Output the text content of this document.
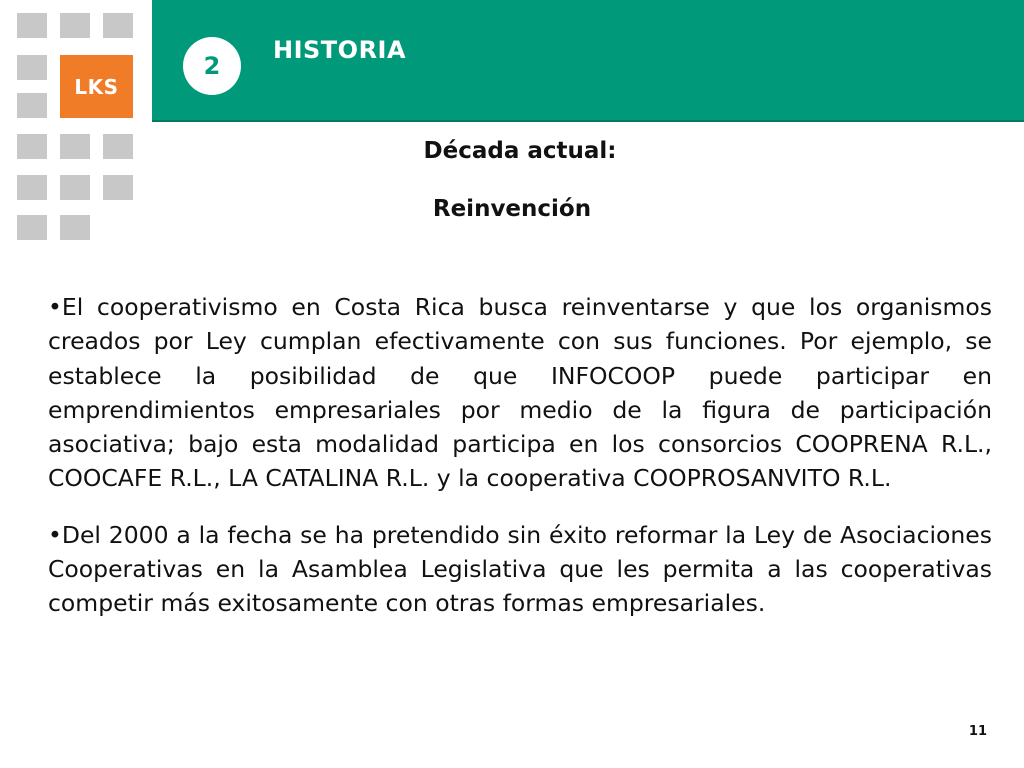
LKS
2
HISTORIA
Década actual:
Reinvención

•El cooperativismo en Costa Rica busca reinventarse y que los organismos creados por Ley cumplan efectivamente con sus funciones. Por ejemplo, se establece la posibilidad de que INFOCOOP puede participar en emprendimientos empresariales por medio de la figura de participación asociativa; bajo esta modalidad participa en los consorcios COOPRENA R.L., COOCAFE R.L., LA CATALINA R.L. y la cooperativa COOPROSANVITO R.L.

•Del 2000 a la fecha se ha pretendido sin éxito reformar la Ley de Asociaciones Cooperativas en la Asamblea Legislativa que les permita a las cooperativas competir más exitosamente con otras formas empresariales.

11
